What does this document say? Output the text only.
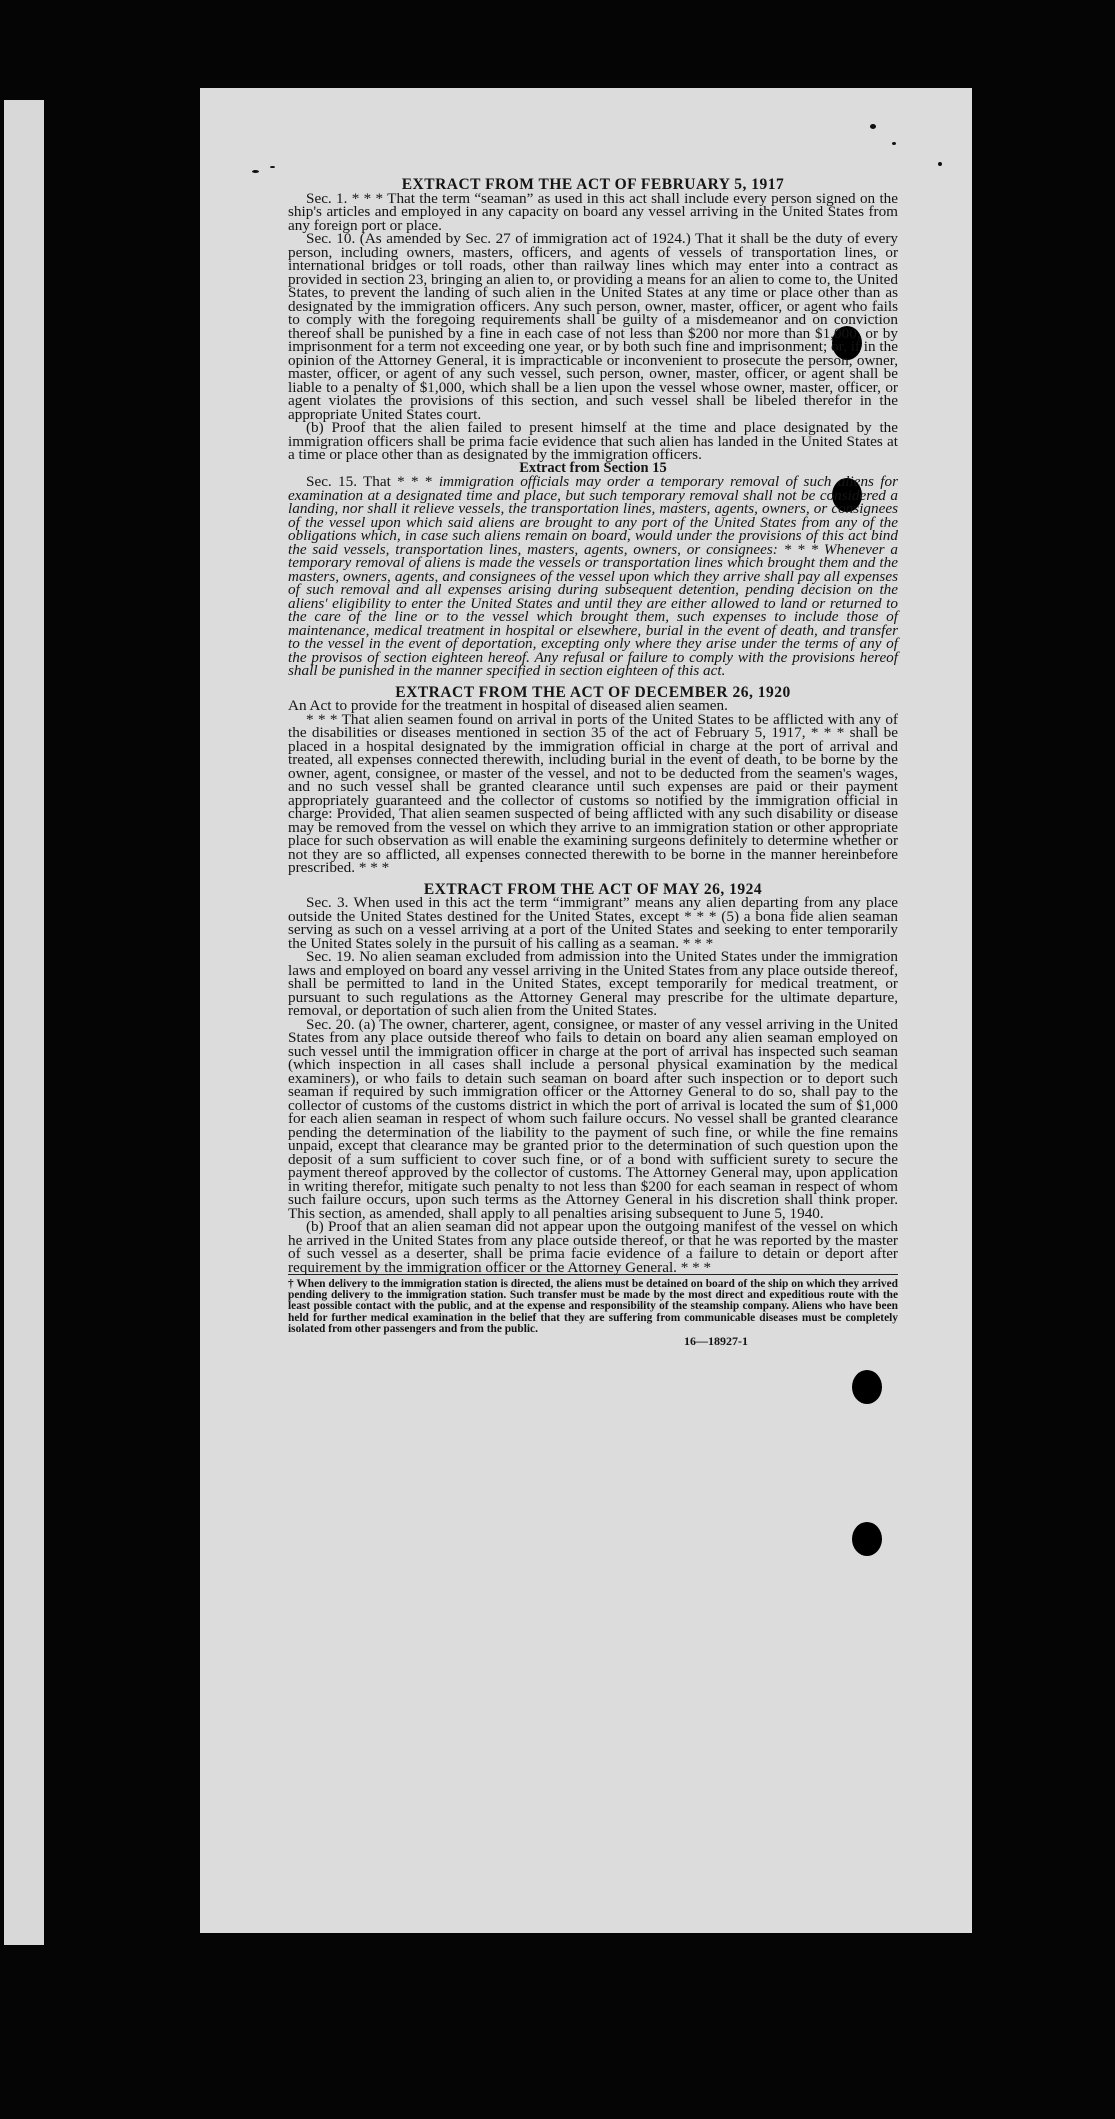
EXTRACT FROM THE ACT OF FEBRUARY 5, 1917

Sec. 1. * * * That the term “seaman” as used in this act shall include every person signed on the ship's articles and employed in any capacity on board any vessel arriving in the United States from any foreign port or place.

Sec. 10. (As amended by Sec. 27 of immigration act of 1924.) That it shall be the duty of every person, including owners, masters, officers, and agents of vessels of transportation lines, or international bridges or toll roads, other than railway lines which may enter into a contract as provided in section 23, bringing an alien to, or providing a means for an alien to come to, the United States, to prevent the landing of such alien in the United States at any time or place other than as designated by the immigration officers. Any such person, owner, master, officer, or agent who fails to comply with the foregoing requirements shall be guilty of a misdemeanor and on conviction thereof shall be punished by a fine in each case of not less than $200 nor more than $1,000, or by imprisonment for a term not exceeding one year, or by both such fine and imprisonment; or, if in the opinion of the Attorney General, it is impracticable or inconvenient to prosecute the person, owner, master, officer, or agent of any such vessel, such person, owner, master, officer, or agent shall be liable to a penalty of $1,000, which shall be a lien upon the vessel whose owner, master, officer, or agent violates the provisions of this section, and such vessel shall be libeled therefor in the appropriate United States court.

(b) Proof that the alien failed to present himself at the time and place designated by the immigration officers shall be prima facie evidence that such alien has landed in the United States at a time or place other than as designated by the immigration officers.

Extract from Section 15

Sec. 15. That * * * immigration officials may order a temporary removal of such aliens for examination at a designated time and place, but such temporary removal shall not be considered a landing, nor shall it relieve vessels, the transportation lines, masters, agents, owners, or consignees of the vessel upon which said aliens are brought to any port of the United States from any of the obligations which, in case such aliens remain on board, would under the provisions of this act bind the said vessels, transportation lines, masters, agents, owners, or consignees: * * * Whenever a temporary removal of aliens is made the vessels or transportation lines which brought them and the masters, owners, agents, and consignees of the vessel upon which they arrive shall pay all expenses of such removal and all expenses arising during subsequent detention, pending decision on the aliens' eligibility to enter the United States and until they are either allowed to land or returned to the care of the line or to the vessel which brought them, such expenses to include those of maintenance, medical treatment in hospital or elsewhere, burial in the event of death, and transfer to the vessel in the event of deportation, excepting only where they arise under the terms of any of the provisos of section eighteen hereof. Any refusal or failure to comply with the provisions hereof shall be punished in the manner specified in section eighteen of this act.

EXTRACT FROM THE ACT OF DECEMBER 26, 1920

An Act to provide for the treatment in hospital of diseased alien seamen.

* * * That alien seamen found on arrival in ports of the United States to be afflicted with any of the disabilities or diseases mentioned in section 35 of the act of February 5, 1917, * * * shall be placed in a hospital designated by the immigration official in charge at the port of arrival and treated, all expenses connected therewith, including burial in the event of death, to be borne by the owner, agent, consignee, or master of the vessel, and not to be deducted from the seamen's wages, and no such vessel shall be granted clearance until such expenses are paid or their payment appropriately guaranteed and the collector of customs so notified by the immigration official in charge: Provided, That alien seamen suspected of being afflicted with any such disability or disease may be removed from the vessel on which they arrive to an immigration station or other appropriate place for such observation as will enable the examining surgeons definitely to determine whether or not they are so afflicted, all expenses connected therewith to be borne in the manner hereinbefore prescribed. * * *

EXTRACT FROM THE ACT OF MAY 26, 1924

Sec. 3. When used in this act the term “immigrant” means any alien departing from any place outside the United States destined for the United States, except * * * (5) a bona fide alien seaman serving as such on a vessel arriving at a port of the United States and seeking to enter temporarily the United States solely in the pursuit of his calling as a seaman. * * *

Sec. 19. No alien seaman excluded from admission into the United States under the immigration laws and employed on board any vessel arriving in the United States from any place outside thereof, shall be permitted to land in the United States, except temporarily for medical treatment, or pursuant to such regulations as the Attorney General may prescribe for the ultimate departure, removal, or deportation of such alien from the United States.

Sec. 20. (a) The owner, charterer, agent, consignee, or master of any vessel arriving in the United States from any place outside thereof who fails to detain on board any alien seaman employed on such vessel until the immigration officer in charge at the port of arrival has inspected such seaman (which inspection in all cases shall include a personal physical examination by the medical examiners), or who fails to detain such seaman on board after such inspection or to deport such seaman if required by such immigration officer or the Attorney General to do so, shall pay to the collector of customs of the customs district in which the port of arrival is located the sum of $1,000 for each alien seaman in respect of whom such failure occurs. No vessel shall be granted clearance pending the determination of the liability to the payment of such fine, or while the fine remains unpaid, except that clearance may be granted prior to the determination of such question upon the deposit of a sum sufficient to cover such fine, or of a bond with sufficient surety to secure the payment thereof approved by the collector of customs. The Attorney General may, upon application in writing therefor, mitigate such penalty to not less than $200 for each seaman in respect of whom such failure occurs, upon such terms as the Attorney General in his discretion shall think proper. This section, as amended, shall apply to all penalties arising subsequent to June 5, 1940.

(b) Proof that an alien seaman did not appear upon the outgoing manifest of the vessel on which he arrived in the United States from any place outside thereof, or that he was reported by the master of such vessel as a deserter, shall be prima facie evidence of a failure to detain or deport after requirement by the immigration officer or the Attorney General. * * *

† When delivery to the immigration station is directed, the aliens must be detained on board of the ship on which they arrived pending delivery to the immigration station. Such transfer must be made by the most direct and expeditious route with the least possible contact with the public, and at the expense and responsibility of the steamship company. Aliens who have been held for further medical examination in the belief that they are suffering from communicable diseases must be completely isolated from other passengers and from the public.

16—18927-1
